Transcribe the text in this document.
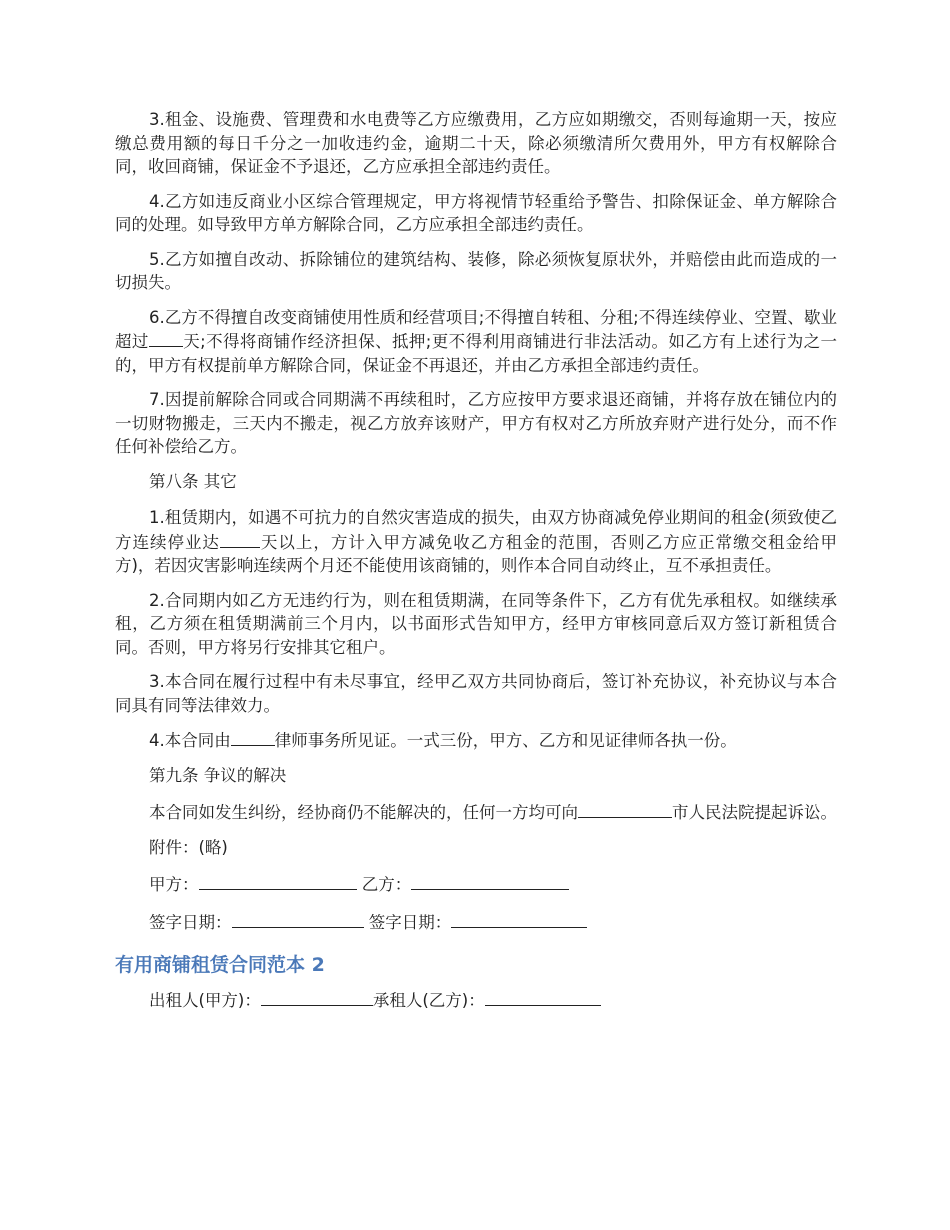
3.租金、设施费、管理费和水电费等乙方应缴费用，乙方应如期缴交，否则每逾期一天，按应缴总费用额的每日千分之一加收违约金，逾期二十天，除必须缴清所欠费用外，甲方有权解除合同，收回商铺，保证金不予退还，乙方应承担全部违约责任。

4.乙方如违反商业小区综合管理规定，甲方将视情节轻重给予警告、扣除保证金、单方解除合同的处理。如导致甲方单方解除合同，乙方应承担全部违约责任。

5.乙方如擅自改动、拆除铺位的建筑结构、装修，除必须恢复原状外，并赔偿由此而造成的一切损失。

6.乙方不得擅自改变商铺使用性质和经营项目;不得擅自转租、分租;不得连续停业、空置、歇业超过 天;不得将商铺作经济担保、抵押;更不得利用商铺进行非法活动。如乙方有上述行为之一的，甲方有权提前单方解除合同，保证金不再退还，并由乙方承担全部违约责任。

7.因提前解除合同或合同期满不再续租时，乙方应按甲方要求退还商铺，并将存放在铺位内的一切财物搬走，三天内不搬走，视乙方放弃该财产，甲方有权对乙方所放弃财产进行处分，而不作任何补偿给乙方。

第八条 其它

1.租赁期内，如遇不可抗力的自然灾害造成的损失，由双方协商减免停业期间的租金(须致使乙方连续停业达 天以上，方计入甲方减免收乙方租金的范围，否则乙方应正常缴交租金给甲方)，若因灾害影响连续两个月还不能使用该商铺的，则作本合同自动终止，互不承担责任。

2.合同期内如乙方无违约行为，则在租赁期满，在同等条件下，乙方有优先承租权。如继续承租，乙方须在租赁期满前三个月内，以书面形式告知甲方，经甲方审核同意后双方签订新租赁合同。否则，甲方将另行安排其它租户。

3.本合同在履行过程中有未尽事宜，经甲乙双方共同协商后，签订补充协议，补充协议与本合同具有同等法律效力。

4.本合同由	律师事务所见证。一式三份，甲方、乙方和见证律师各执一份。

第九条 争议的解决

本合同如发生纠纷，经协商仍不能解决的，任何一方均可向	市人民法院提起诉讼。

附件：(略)

甲方：	乙方：

签字日期：	签字日期：

有用商铺租赁合同范本 2

出租人(甲方)：	承租人(乙方)：
